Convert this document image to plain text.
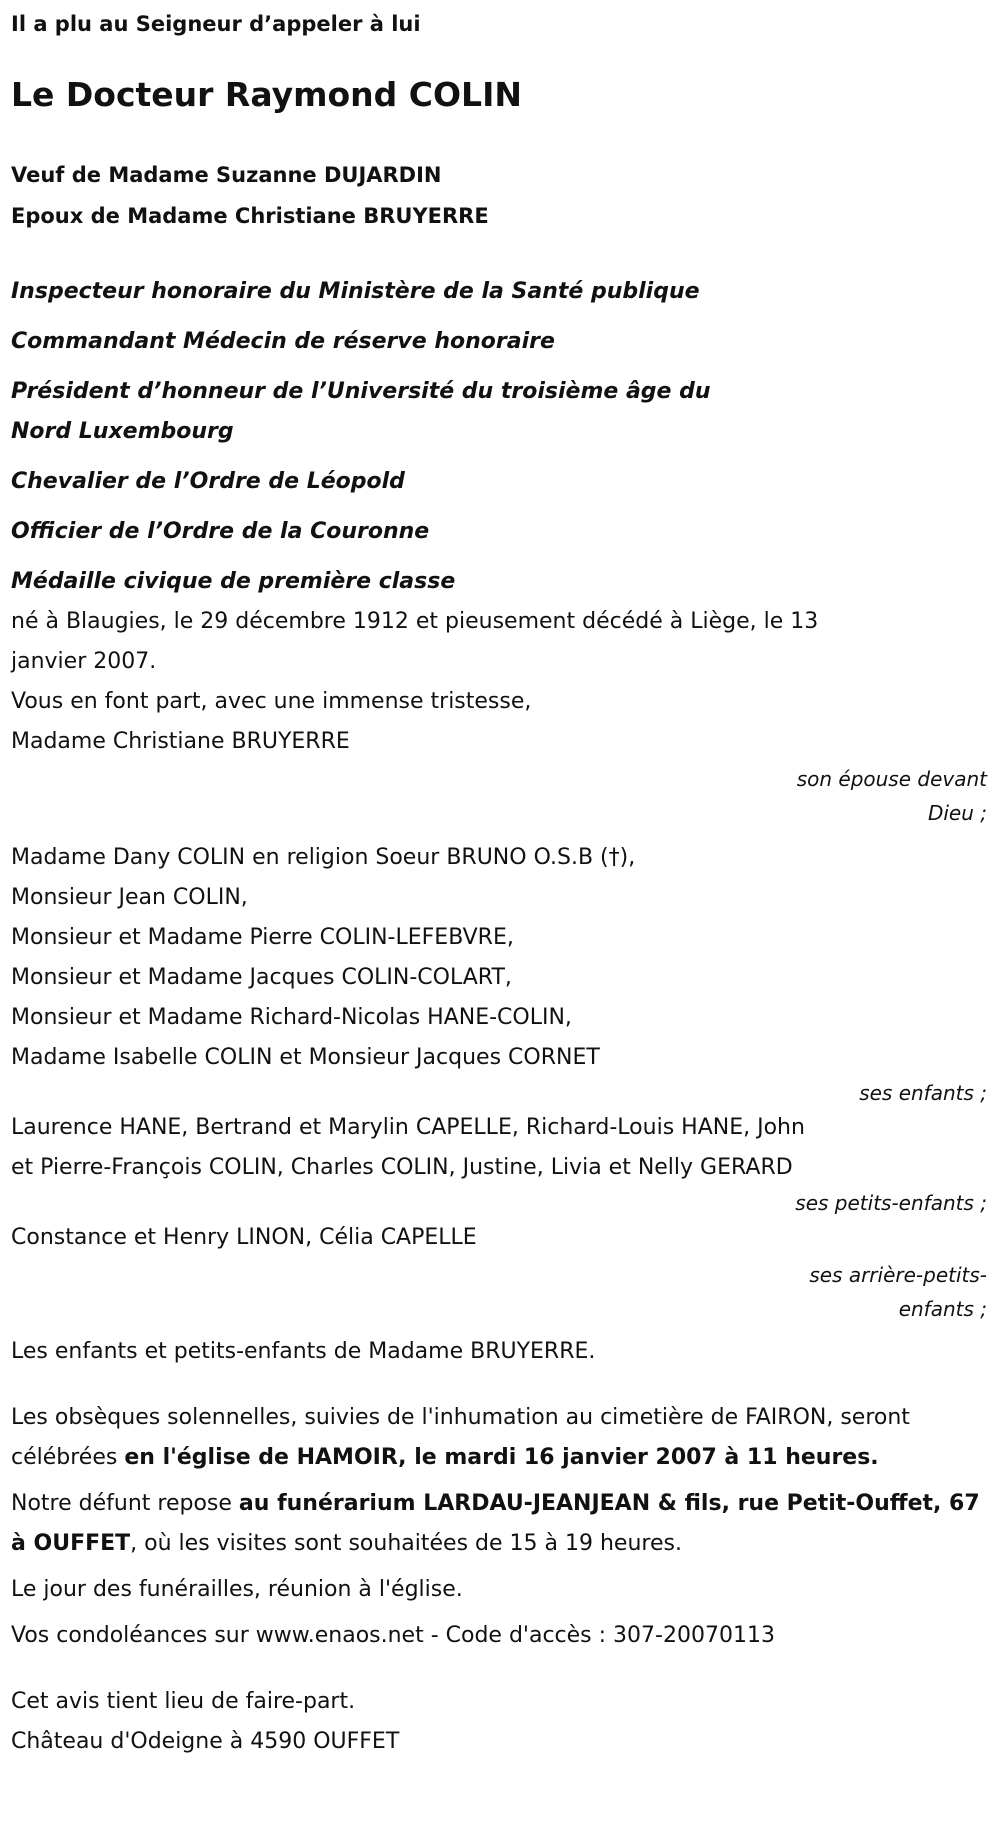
Il a plu au Seigneur d’appeler à lui
Le Docteur Raymond COLIN
Veuf de Madame Suzanne DUJARDIN
Epoux de Madame Christiane BRUYERRE
Inspecteur honoraire du Ministère de la Santé publique
Commandant Médecin de réserve honoraire
Président d’honneur de l’Université du troisième âge du Nord Luxembourg
Chevalier de l’Ordre de Léopold
Officier de l’Ordre de la Couronne
Médaille civique de première classe
né à Blaugies, le 29 décembre 1912 et pieusement décédé à Liège, le 13 janvier 2007.
Vous en font part, avec une immense tristesse,
Madame Christiane BRUYERRE
son épouse devant Dieu ;
Madame Dany COLIN en religion Soeur BRUNO O.S.B (†),
Monsieur Jean COLIN,
Monsieur et Madame Pierre COLIN-LEFEBVRE,
Monsieur et Madame Jacques COLIN-COLART,
Monsieur et Madame Richard-Nicolas HANE-COLIN,
Madame Isabelle COLIN et Monsieur Jacques CORNET
ses enfants ;
Laurence HANE, Bertrand et Marylin CAPELLE, Richard-Louis HANE, John et Pierre-François COLIN, Charles COLIN, Justine, Livia et Nelly GERARD
ses petits-enfants ;
Constance et Henry LINON, Célia CAPELLE
ses arrière-petits-enfants ;
Les enfants et petits-enfants de Madame BRUYERRE.
Les obsèques solennelles, suivies de l'inhumation au cimetière de FAIRON, seront célébrées en l'église de HAMOIR, le mardi 16 janvier 2007 à 11 heures.
Notre défunt repose au funérarium LARDAU-JEANJEAN & fils, rue Petit-Ouffet, 67 à OUFFET, où les visites sont souhaitées de 15 à 19 heures.
Le jour des funérailles, réunion à l'église.
Vos condoléances sur www.enaos.net - Code d'accès : 307-20070113
Cet avis tient lieu de faire-part.
Château d'Odeigne à 4590 OUFFET
